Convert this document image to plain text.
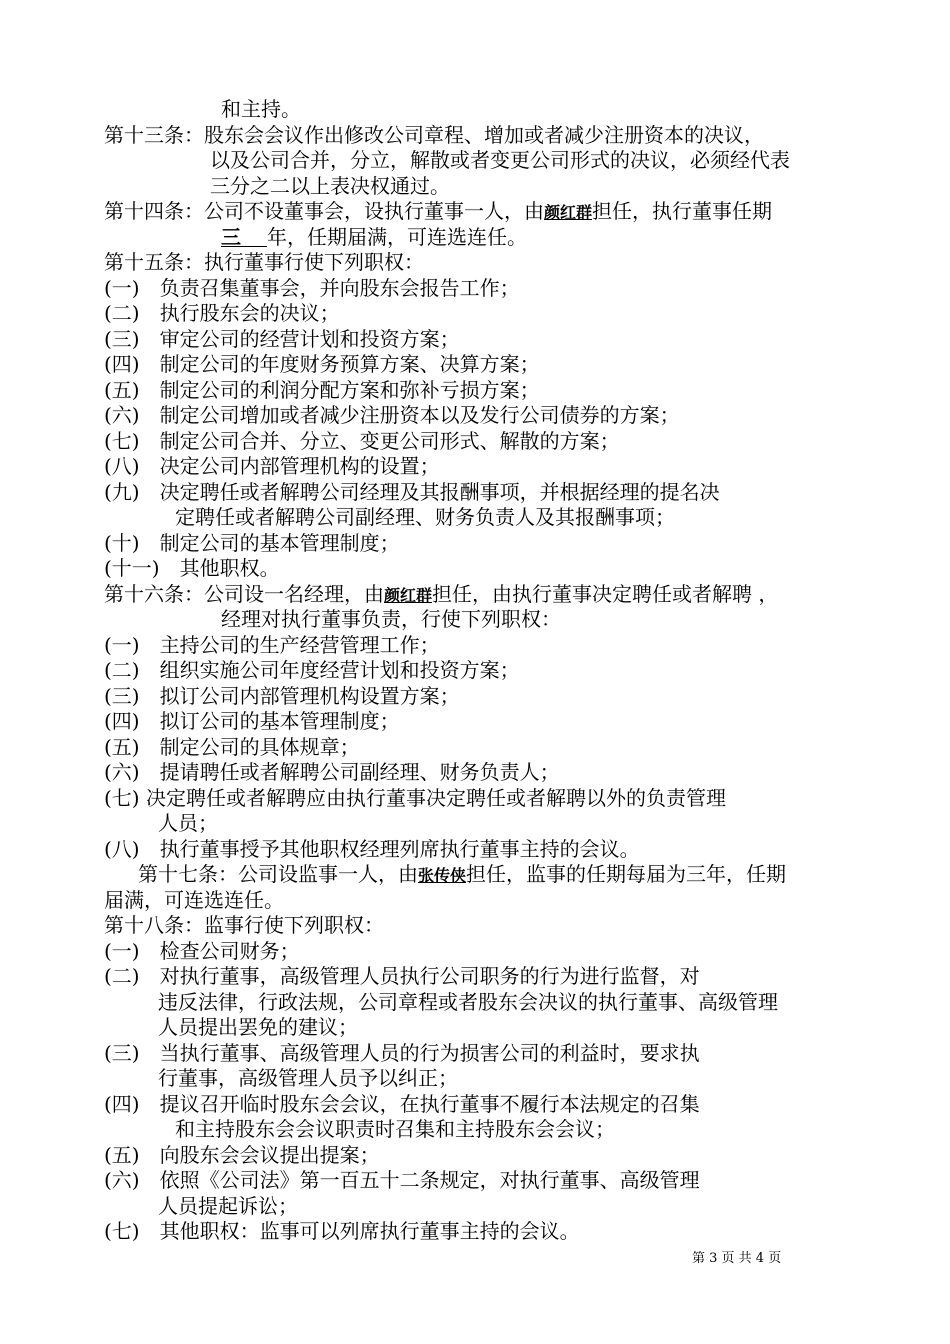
和主持。
第十三条：股东会会议作出修改公司章程、增加或者减少注册资本的决议，
以及公司合并，分立，解散或者变更公司形式的决议，必须经代表
三分之二以上表决权通过。
第十四条：公司不设董事会，设执行董事一人，由颜红群担任，执行董事任期
三 年，任期届满，可连选连任。
第十五条：执行董事行使下列职权：
(一)　负责召集董事会，并向股东会报告工作；
(二)　执行股东会的决议；
(三)　审定公司的经营计划和投资方案；
(四)　制定公司的年度财务预算方案、决算方案；
(五)　制定公司的利润分配方案和弥补亏损方案；
(六)　制定公司增加或者减少注册资本以及发行公司债券的方案；
(七)　制定公司合并、分立、变更公司形式、解散的方案；
(八)　决定公司内部管理机构的设置；
(九)　决定聘任或者解聘公司经理及其报酬事项，并根据经理的提名决
定聘任或者解聘公司副经理、财务负责人及其报酬事项；
(十)　制定公司的基本管理制度；
(十一)　其他职权。
第十六条：公司设一名经理，由颜红群担任，由执行董事决定聘任或者解聘 ，
经理对执行董事负责，行使下列职权：
(一)　主持公司的生产经营管理工作；
(二)　组织实施公司年度经营计划和投资方案；
(三)　拟订公司内部管理机构设置方案；
(四)　拟订公司的基本管理制度；
(五)　制定公司的具体规章；
(六)　提请聘任或者解聘公司副经理、财务负责人；
(七) 决定聘任或者解聘应由执行董事决定聘任或者解聘以外的负责管理
人员；
(八)　执行董事授予其他职权经理列席执行董事主持的会议。
第十七条：公司设监事一人，由张传侠担任，监事的任期每届为三年，任期
届满，可连选连任。
第十八条：监事行使下列职权：
(一)　检查公司财务；
(二)　对执行董事，高级管理人员执行公司职务的行为进行监督，对
违反法律，行政法规，公司章程或者股东会决议的执行董事、高级管理
人员提出罢免的建议；
(三)　当执行董事、高级管理人员的行为损害公司的利益时，要求执
行董事，高级管理人员予以纠正；
(四)　提议召开临时股东会会议，在执行董事不履行本法规定的召集
和主持股东会会议职责时召集和主持股东会会议；
(五)　向股东会会议提出提案；
(六)　依照《公司法》第一百五十二条规定，对执行董事、高级管理
人员提起诉讼；
(七)　其他职权：监事可以列席执行董事主持的会议。
第 3 页 共 4 页
